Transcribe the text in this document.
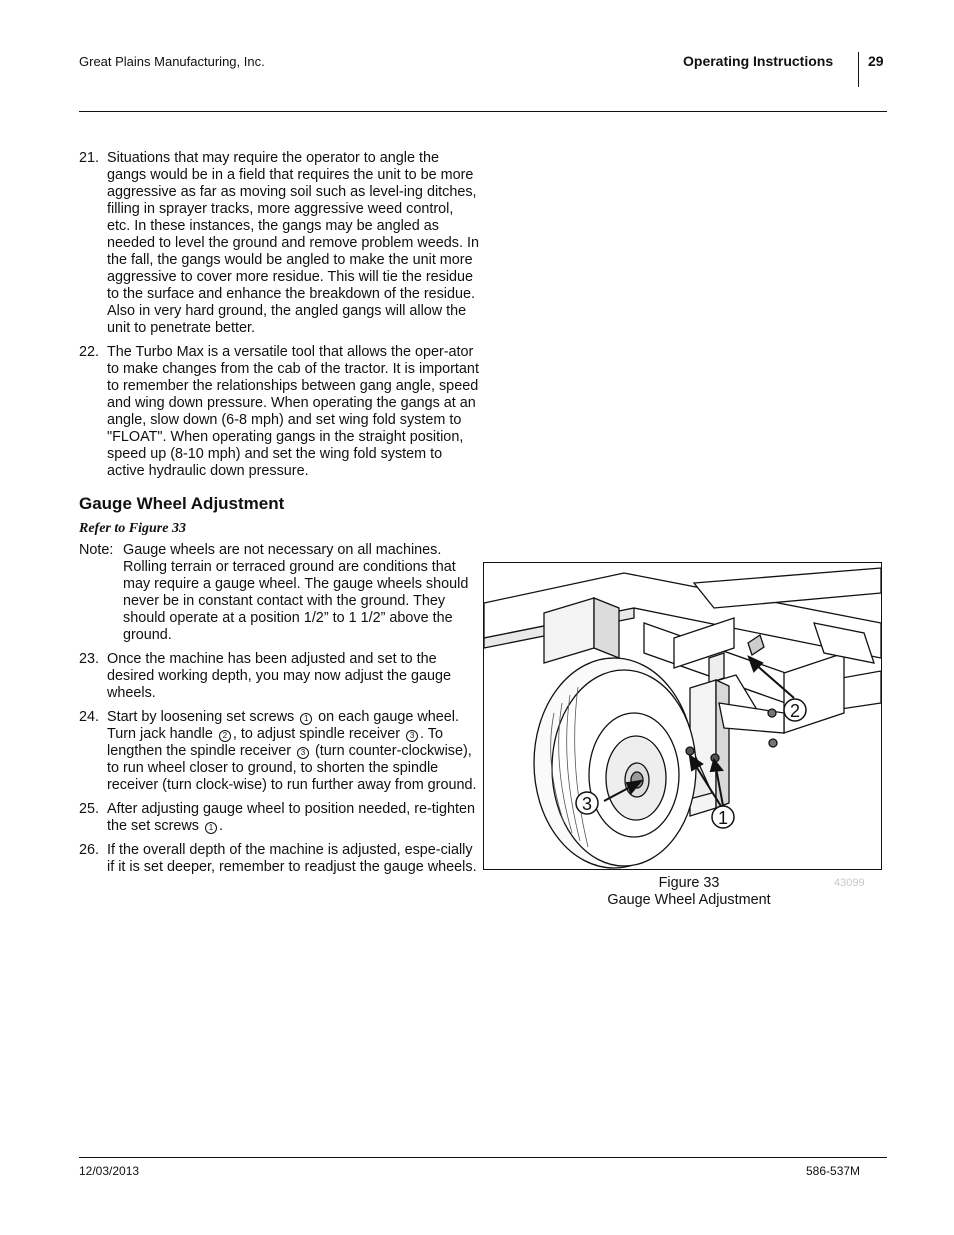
Great Plains Manufacturing, Inc.	Operating Instructions 29
21. Situations that may require the operator to angle the gangs would be in a field that requires the unit to be more aggressive as far as moving soil such as level-ing ditches, filling in sprayer tracks, more aggressive weed control, etc. In these instances, the gangs may be angled as needed to level the ground and remove problem weeds. In the fall, the gangs would be angled to make the unit more aggressive to cover more residue. This will tie the residue to the surface and enhance the breakdown of the residue. Also in very hard ground, the angled gangs will allow the unit to penetrate better.
22. The Turbo Max is a versatile tool that allows the oper-ator to make changes from the cab of the tractor. It is important to remember the relationships between gang angle, speed and wing down pressure. When operating the gangs at an angle, slow down (6-8 mph) and set wing fold system to "FLOAT". When operating gangs in the straight position, speed up (8-10 mph) and set the wing fold system to active hydraulic down pressure.
Gauge Wheel Adjustment
Refer to Figure 33
Note: Gauge wheels are not necessary on all machines. Rolling terrain or terraced ground are conditions that may require a gauge wheel. The gauge wheels should never be in constant contact with the ground. They should operate at a position 1/2” to 1 1/2” above the ground.
23. Once the machine has been adjusted and set to the desired working depth, you may now adjust the gauge wheels.
24. Start by loosening set screws 1 on each gauge wheel. Turn jack handle 2 , to adjust spindle receiver 3 . To lengthen the spindle receiver 3 (turn counter-clockwise), to run wheel closer to ground, to shorten the spindle receiver (turn clock-wise) to run further away from ground.
25. After adjusting gauge wheel to position needed, re-tighten the set screws 1 .
26. If the overall depth of the machine is adjusted, espe-cially if it is set deeper, remember to readjust the gauge wheels.
1
2
3
Figure 33
Gauge Wheel Adjustment
43099
12/03/2013	586-537M
